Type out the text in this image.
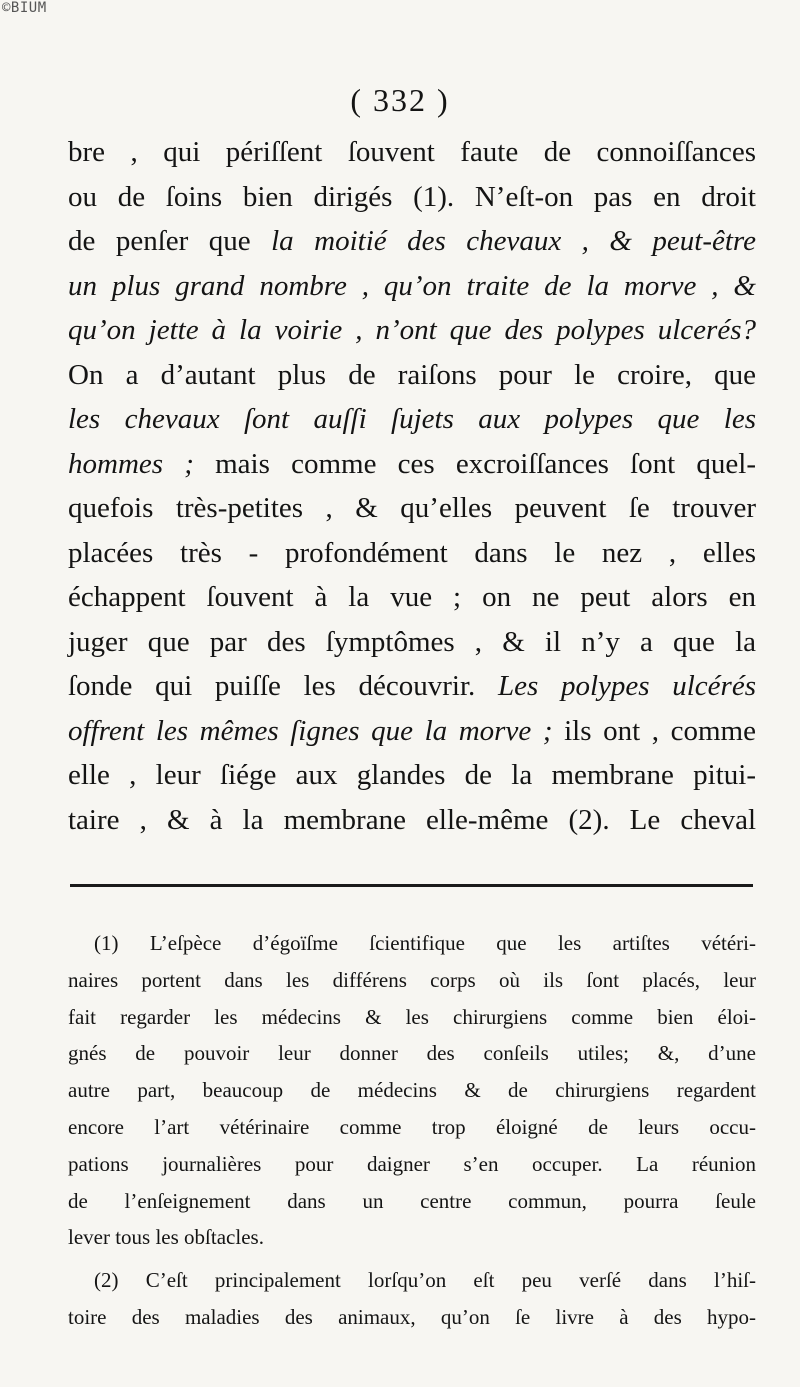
©BIUM
( 332 )
bre , qui périſſent ſouvent faute de connoiſſances
ou de ſoins bien dirigés (1). N’eſt-on pas en droit
de penſer que la moitié des chevaux , & peut-être
un plus grand nombre , qu’on traite de la morve , &
qu’on jette à la voirie , n’ont que des polypes ulcerés?
On a d’autant plus de raiſons pour le croire, que
les chevaux ſont auſſi ſujets aux polypes que les
hommes ; mais comme ces excroiſſances ſont quel-
quefois très-petites , & qu’elles peuvent ſe trouver
placées très - profondément dans le nez , elles
échappent ſouvent à la vue ; on ne peut alors en
juger que par des ſymptômes , & il n’y a que la
ſonde qui puiſſe les découvrir. Les polypes ulcérés
offrent les mêmes ſignes que la morve ; ils ont , comme
elle , leur ſiége aux glandes de la membrane pitui-
taire , & à la membrane elle-même (2). Le cheval
(1) L’eſpèce d’égoïſme ſcientifique que les artiſtes vétéri-
naires portent dans les différens corps où ils ſont placés, leur
fait regarder les médecins & les chirurgiens comme bien éloi-
gnés de pouvoir leur donner des conſeils utiles; &, d’une
autre part, beaucoup de médecins & de chirurgiens regardent
encore l’art vétérinaire comme trop éloigné de leurs occu-
pations journalières pour daigner s’en occuper. La réunion
de l’enſeignement dans un centre commun, pourra ſeule
lever tous les obſtacles.
(2) C’eſt principalement lorſqu’on eſt peu verſé dans l’hiſ-
toire des maladies des animaux, qu’on ſe livre à des hypo-
